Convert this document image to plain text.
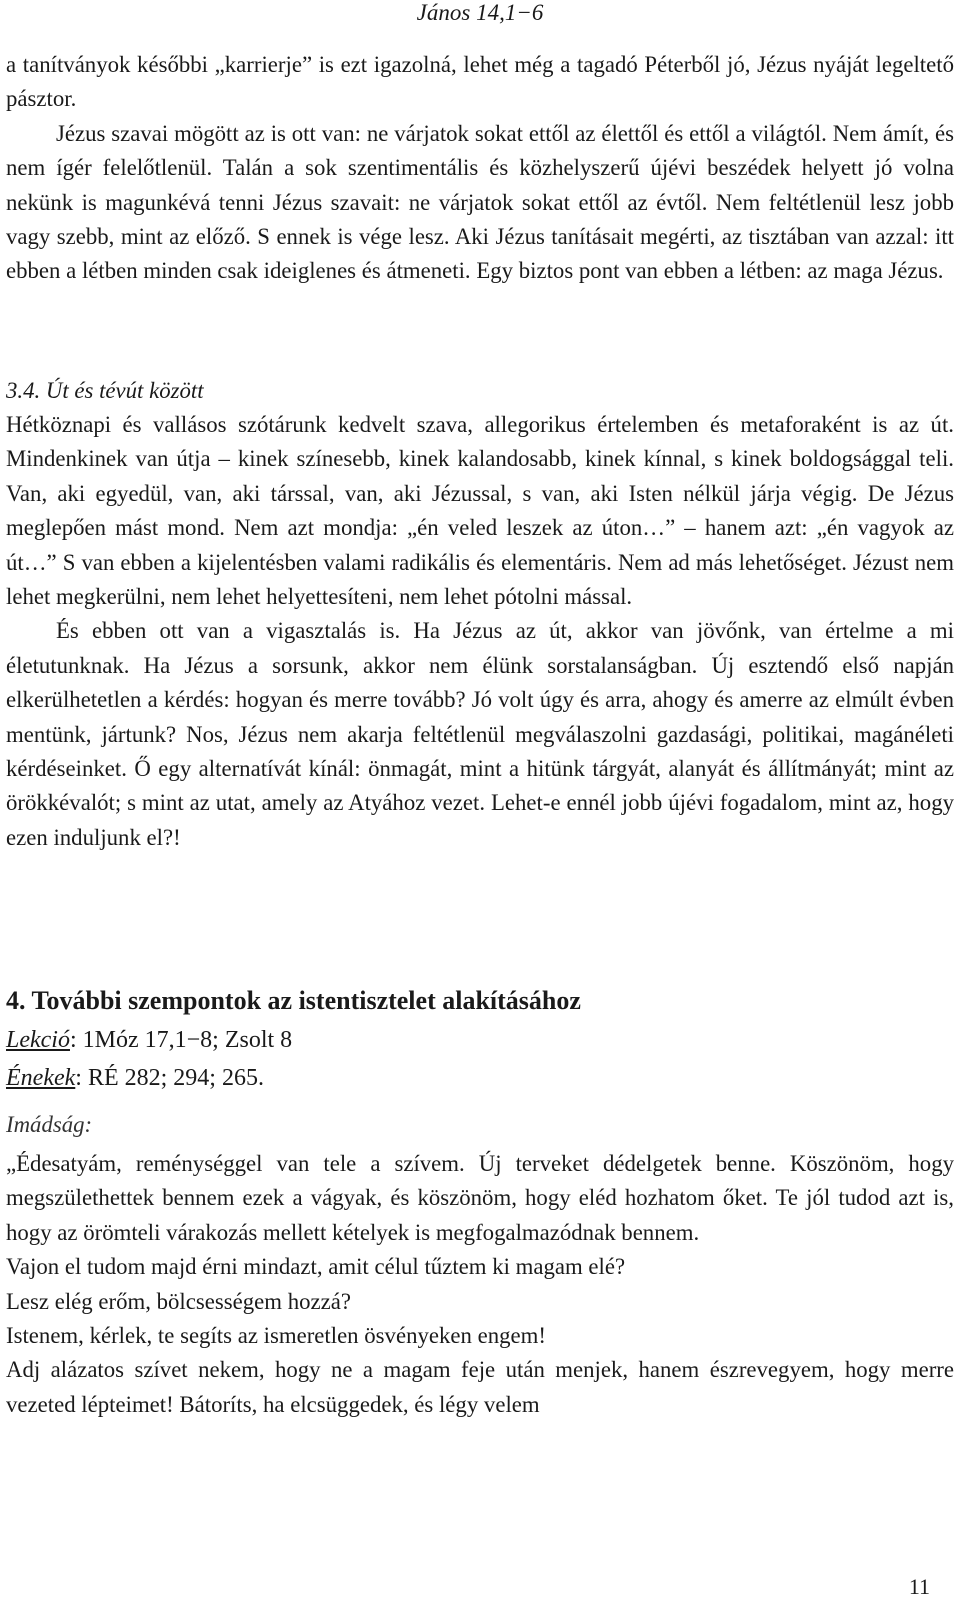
János 14,1−6

a tanítványok későbbi „karrierje” is ezt igazolná, lehet még a tagadó Péterből jó, Jézus nyáját legeltető pásztor.

Jézus szavai mögött az is ott van: ne várjatok sokat ettől az élettől és ettől a világtól. Nem ámít, és nem ígér felelőtlenül. Talán a sok szentimentális és közhelyszerű újévi beszédek helyett jó volna nekünk is magunkévá tenni Jézus szavait: ne várjatok sokat ettől az évtől. Nem feltétlenül lesz jobb vagy szebb, mint az előző. S ennek is vége lesz. Aki Jézus tanításait megérti, az tisztában van azzal: itt ebben a létben minden csak ideiglenes és átmeneti. Egy biztos pont van ebben a létben: az maga Jézus.

3.4. Út és tévút között

Hétköznapi és vallásos szótárunk kedvelt szava, allegorikus értelemben és metaforaként is az út. Mindenkinek van útja – kinek színesebb, kinek kalandosabb, kinek kínnal, s kinek boldogsággal teli. Van, aki egyedül, van, aki társsal, van, aki Jézussal, s van, aki Isten nélkül járja végig. De Jézus meglepően mást mond. Nem azt mondja: „én veled leszek az úton…” – hanem azt: „én vagyok az út…” S van ebben a kijelentésben valami radikális és elementáris. Nem ad más lehetőséget. Jézust nem lehet megkerülni, nem lehet helyettesíteni, nem lehet pótolni mással.

És ebben ott van a vigasztalás is. Ha Jézus az út, akkor van jövőnk, van értelme a mi életutunknak. Ha Jézus a sorsunk, akkor nem élünk sorstalanságban. Új esztendő első napján elkerülhetetlen a kérdés: hogyan és merre tovább? Jó volt úgy és arra, ahogy és amerre az elmúlt évben mentünk, jártunk? Nos, Jézus nem akarja feltétlenül megválaszolni gazdasági, politikai, magánéleti kérdéseinket. Ő egy alternatívát kínál: önmagát, mint a hitünk tárgyát, alanyát és állítmányát; mint az örökkévalót; s mint az utat, amely az Atyához vezet. Lehet-e ennél jobb újévi fogadalom, mint az, hogy ezen induljunk el?!

4. További szempontok az istentisztelet alakításához
Lekció: 1Móz 17,1−8; Zsolt 8
Énekek: RÉ 282; 294; 265.
Imádság:

„Édesatyám, reménységgel van tele a szívem. Új terveket dédelgetek benne. Köszönöm, hogy megszülethettek bennem ezek a vágyak, és köszönöm, hogy eléd hozhatom őket. Te jól tudod azt is, hogy az örömteli várakozás mellett kételyek is megfogalmazódnak bennem.

Vajon el tudom majd érni mindazt, amit célul tűztem ki magam elé?

Lesz elég erőm, bölcsességem hozzá?

Istenem, kérlek, te segíts az ismeretlen ösvényeken engem!

Adj alázatos szívet nekem, hogy ne a magam feje után menjek, hanem észrevegyem, hogy merre vezeted lépteimet! Bátoríts, ha elcsüggedek, és légy velem

11
